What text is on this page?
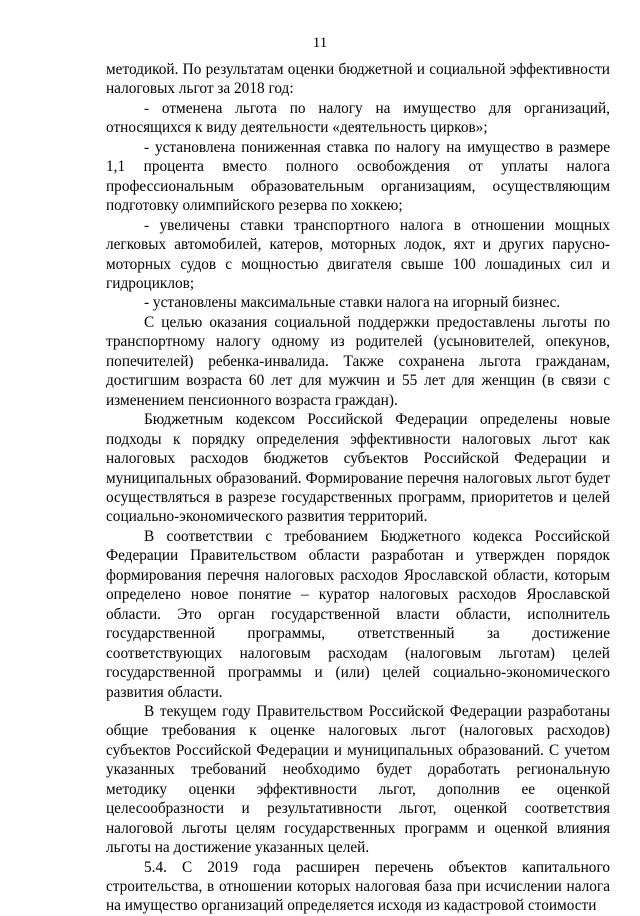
11

методикой. По результатам оценки бюджетной и социальной эффективности налоговых льгот за 2018 год:

- отменена льгота по налогу на имущество для организаций, относящихся к виду деятельности «деятельность цирков»;

- установлена пониженная ставка по налогу на имущество в размере 1,1 процента вместо полного освобождения от уплаты налога профессиональным образовательным организациям, осуществляющим подготовку олимпийского резерва по хоккею;

- увеличены ставки транспортного налога в отношении мощных легковых автомобилей, катеров, моторных лодок, яхт и других парусно-моторных судов с мощностью двигателя свыше 100 лошадиных сил и гидроциклов;

- установлены максимальные ставки налога на игорный бизнес.

С целью оказания социальной поддержки предоставлены льготы по транспортному налогу одному из родителей (усыновителей, опекунов, попечителей) ребенка-инвалида. Также сохранена льгота гражданам, достигшим возраста 60 лет для мужчин и 55 лет для женщин (в связи с изменением пенсионного возраста граждан).

Бюджетным кодексом Российской Федерации определены новые подходы к порядку определения эффективности налоговых льгот как налоговых расходов бюджетов субъектов Российской Федерации и муниципальных образований. Формирование перечня налоговых льгот будет осуществляться в разрезе государственных программ, приоритетов и целей социально-экономического развития территорий.

В соответствии с требованием Бюджетного кодекса Российской Федерации Правительством области разработан и утвержден порядок формирования перечня налоговых расходов Ярославской области, которым определено новое понятие – куратор налоговых расходов Ярославской области. Это орган государственной власти области, исполнитель государственной программы, ответственный за достижение соответствующих налоговым расходам (налоговым льготам) целей государственной программы и (или) целей социально-экономического развития области.

В текущем году Правительством Российской Федерации разработаны общие требования к оценке налоговых льгот (налоговых расходов) субъектов Российской Федерации и муниципальных образований. С учетом указанных требований необходимо будет доработать региональную методику оценки эффективности льгот, дополнив ее оценкой целесообразности и результативности льгот, оценкой соответствия налоговой льготы целям государственных программ и оценкой влияния льготы на достижение указанных целей.

5.4. С 2019 года расширен перечень объектов капитального строительства, в отношении которых налоговая база при исчислении налога на имущество организаций определяется исходя из кадастровой стоимости
